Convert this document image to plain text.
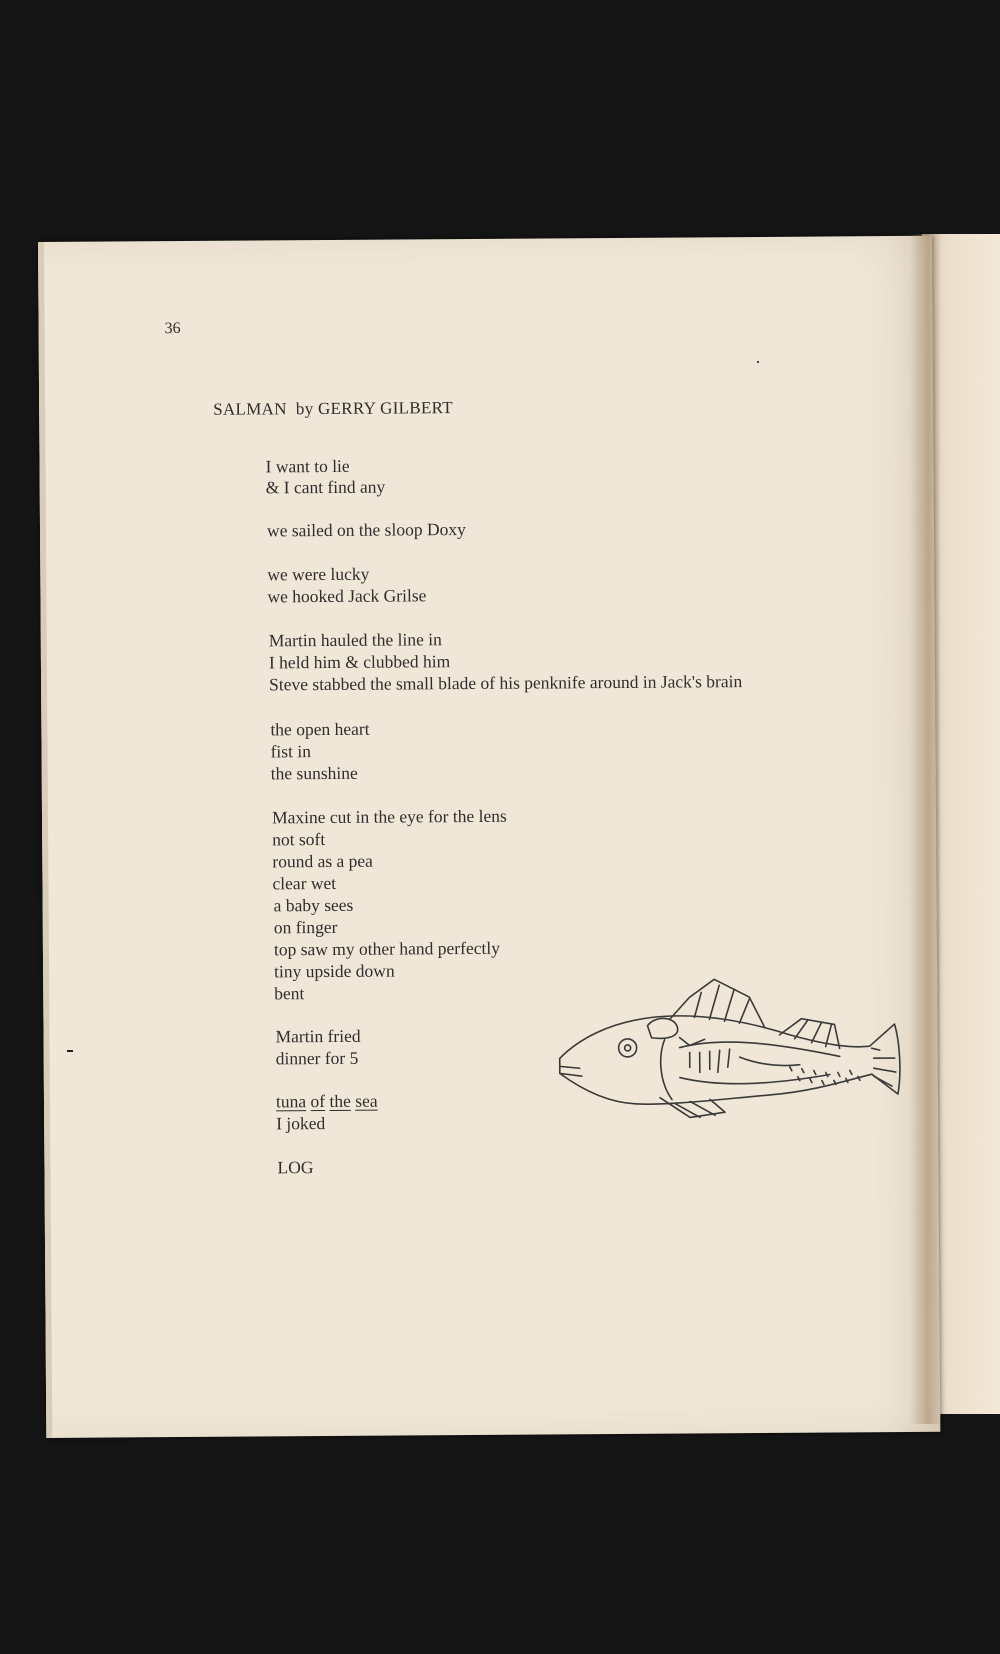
36
SALMAN  by GERRY GILBERT
I want to lie
& I cant find any
we sailed on the sloop Doxy
we were lucky
we hooked Jack Grilse
Martin hauled the line in
I held him & clubbed him
Steve stabbed the small blade of his penknife around in Jack's brain
the open heart
fist in
the sunshine
Maxine cut in the eye for the lens
not soft
round as a pea
clear wet
a baby sees
on finger
top saw my other hand perfectly
tiny upside down
bent
Martin fried
dinner for 5
tuna of the sea
I joked
LOG
